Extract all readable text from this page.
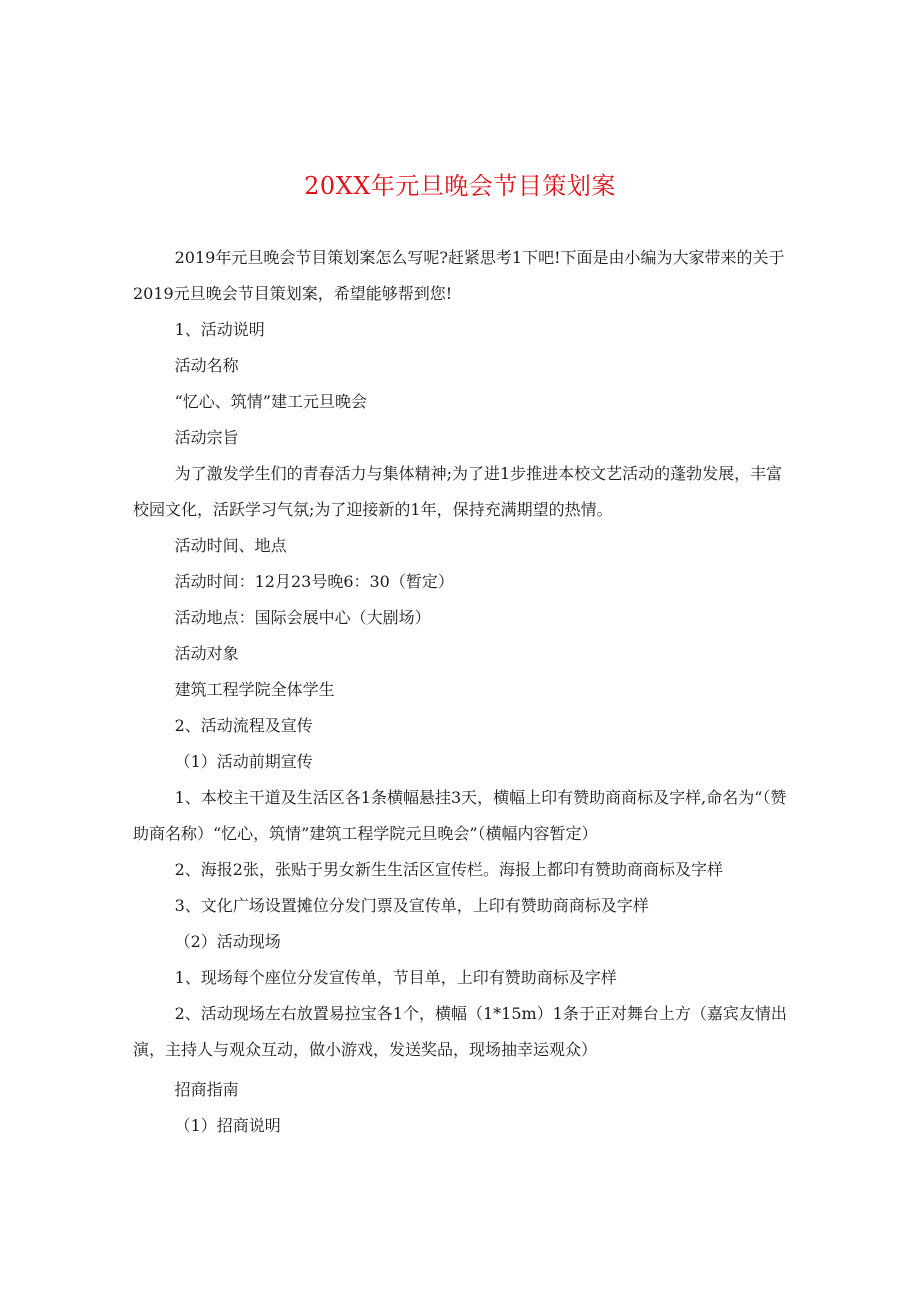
20XX年元旦晚会节目策划案

2019年元旦晚会节目策划案怎么写呢?赶紧思考1下吧!下面是由小编为大家带来的关于2019元旦晚会节目策划案，希望能够帮到您!

1、活动说明

活动名称

“忆心、筑情”建工元旦晚会

活动宗旨

为了激发学生们的青春活力与集体精神;为了进1步推进本校文艺活动的蓬勃发展，丰富校园文化，活跃学习气氛;为了迎接新的1年，保持充满期望的热情。

活动时间、地点

活动时间：12月23号晚6：30（暂定）

活动地点：国际会展中心（大剧场）

活动对象

建筑工程学院全体学生

2、活动流程及宣传

（1）活动前期宣传

1、本校主干道及生活区各1条横幅悬挂3天，横幅上印有赞助商商标及字样,命名为“（赞助商名称）“忆心，筑情”建筑工程学院元旦晚会”（横幅内容暂定）

2、海报2张，张贴于男女新生生活区宣传栏。海报上都印有赞助商商标及字样

3、文化广场设置摊位分发门票及宣传单，上印有赞助商商标及字样

（2）活动现场

1、现场每个座位分发宣传单，节目单，上印有赞助商标及字样

2、活动现场左右放置易拉宝各1个，横幅（1*15m）1条于正对舞台上方（嘉宾友情出演，主持人与观众互动，做小游戏，发送奖品，现场抽幸运观众）

招商指南

（1）招商说明
